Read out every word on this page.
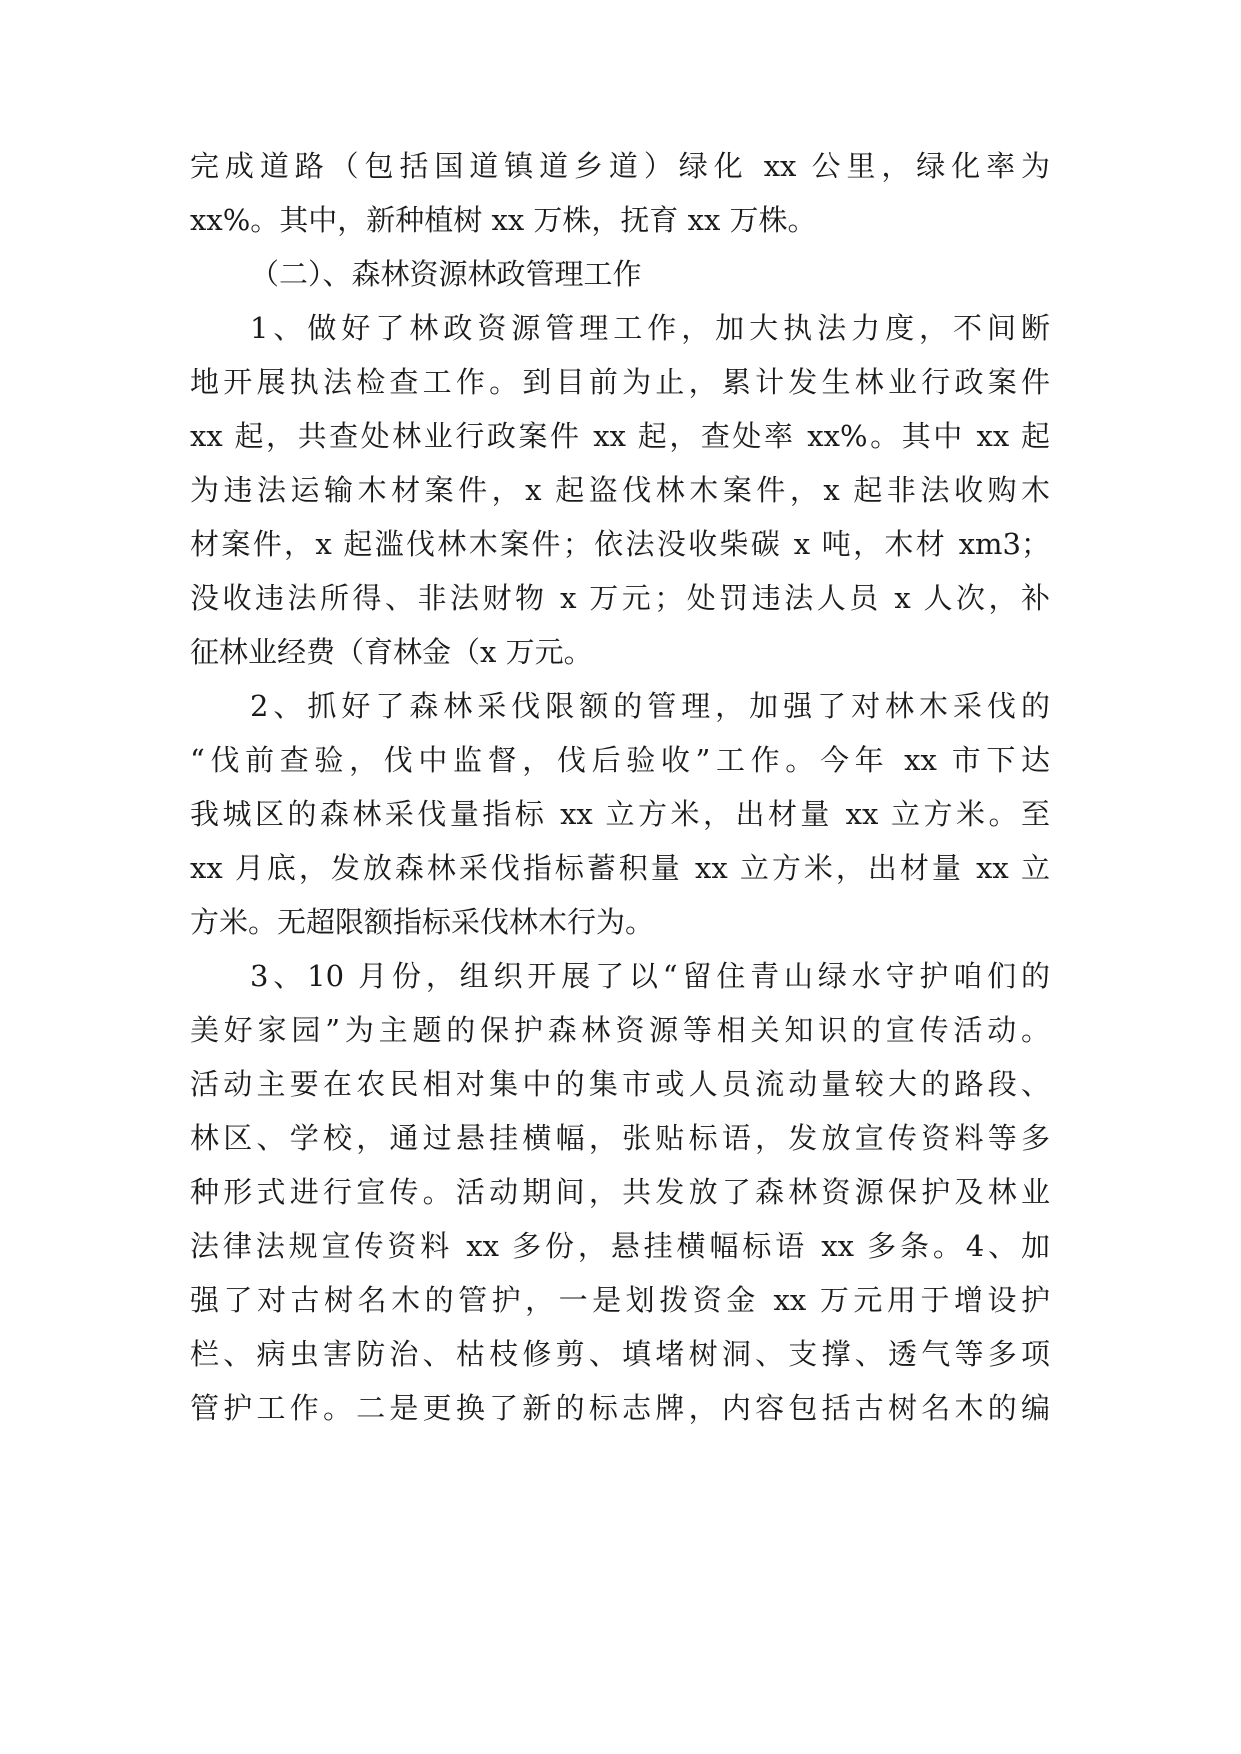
完成道路（包括国道镇道乡道）绿化 xx 公里，绿化率为
xx%。其中，新种植树 xx 万株，抚育 xx 万株。
（二）、森林资源林政管理工作
1、做好了林政资源管理工作，加大执法力度，不间断
地开展执法检查工作。到目前为止，累计发生林业行政案件
xx 起，共查处林业行政案件 xx 起，查处率 xx%。其中 xx 起
为违法运输木材案件，x 起盗伐林木案件，x 起非法收购木
材案件，x 起滥伐林木案件；依法没收柴碳 x 吨，木材 xm3；
没收违法所得、非法财物 x 万元；处罚违法人员 x 人次，补
征林业经费（育林金（x 万元。
2、抓好了森林采伐限额的管理，加强了对林木采伐的
“伐前查验，伐中监督，伐后验收”工作。今年 xx 市下达
我城区的森林采伐量指标 xx 立方米，出材量 xx 立方米。至
xx 月底，发放森林采伐指标蓄积量 xx 立方米，出材量 xx 立
方米。无超限额指标采伐林木行为。
3、10 月份，组织开展了以“留住青山绿水守护咱们的
美好家园”为主题的保护森林资源等相关知识的宣传活动。
活动主要在农民相对集中的集市或人员流动量较大的路段、
林区、学校，通过悬挂横幅，张贴标语，发放宣传资料等多
种形式进行宣传。活动期间，共发放了森林资源保护及林业
法律法规宣传资料 xx 多份，悬挂横幅标语 xx 多条。4、加
强了对古树名木的管护，一是划拨资金 xx 万元用于增设护
栏、病虫害防治、枯枝修剪、填堵树洞、支撑、透气等多项
管护工作。二是更换了新的标志牌，内容包括古树名木的编
